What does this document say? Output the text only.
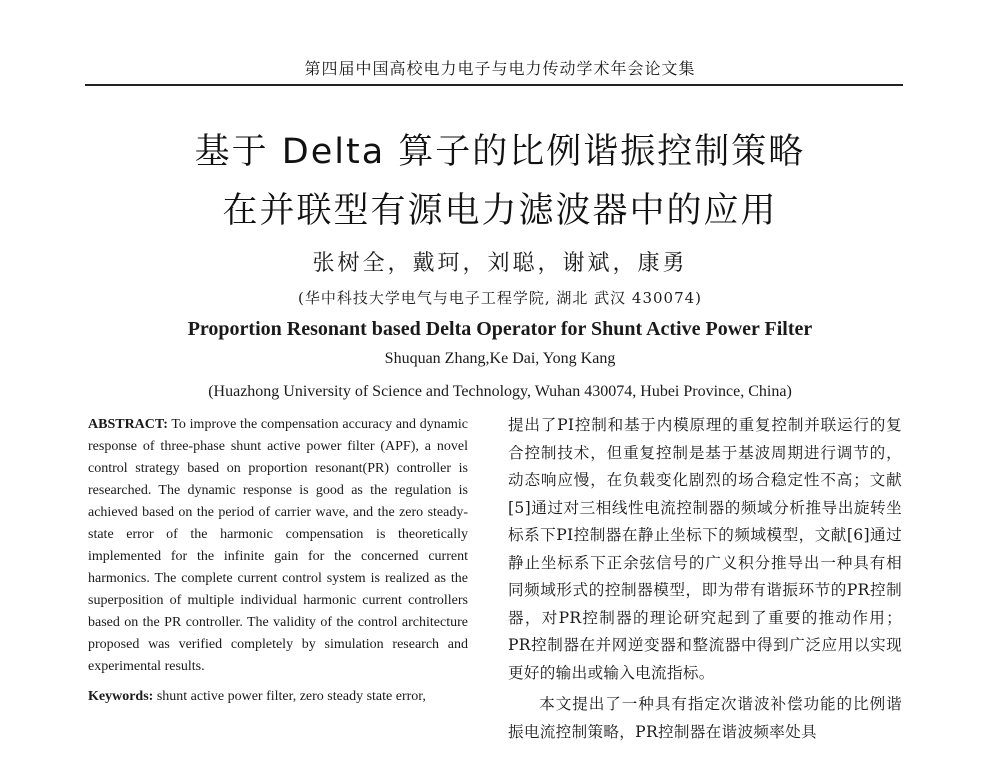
第四届中国高校电力电子与电力传动学术年会论文集
基于 Delta 算子的比例谐振控制策略
在并联型有源电力滤波器中的应用
张树全，戴珂，刘聪，谢斌，康勇
(华中科技大学电气与电子工程学院, 湖北 武汉 430074)
Proportion Resonant based Delta Operator for Shunt Active Power Filter
Shuquan Zhang,Ke Dai, Yong Kang
(Huazhong University of Science and Technology, Wuhan 430074, Hubei Province, China)
ABSTRACT: To improve the compensation accuracy and dynamic response of three-phase shunt active power filter (APF), a novel control strategy based on proportion resonant(PR) controller is researched. The dynamic response is good as the regulation is achieved based on the period of carrier wave, and the zero steady-state error of the harmonic compensation is theoretically implemented for the infinite gain for the concerned current harmonics. The complete current control system is realized as the superposition of multiple individual harmonic current controllers based on the PR controller. The validity of the control architecture proposed was verified completely by simulation research and experimental results.
Keywords: shunt active power filter, zero steady state error,

提出了PI控制和基于内模原理的重复控制并联运行的复合控制技术，但重复控制是基于基波周期进行调节的，动态响应慢，在负载变化剧烈的场合稳定性不高；文献[5]通过对三相线性电流控制器的频域分析推导出旋转坐标系下PI控制器在静止坐标下的频域模型，文献[6]通过静止坐标系下正余弦信号的广义积分推导出一种具有相同频域形式的控制器模型，即为带有谐振环节的PR控制器，对PR控制器的理论研究起到了重要的推动作用；PR控制器在并网逆变器和整流器中得到广泛应用以实现更好的输出或输入电流指标。

本文提出了一种具有指定次谐波补偿功能的比例谐振电流控制策略，PR控制器在谐波频率处具
